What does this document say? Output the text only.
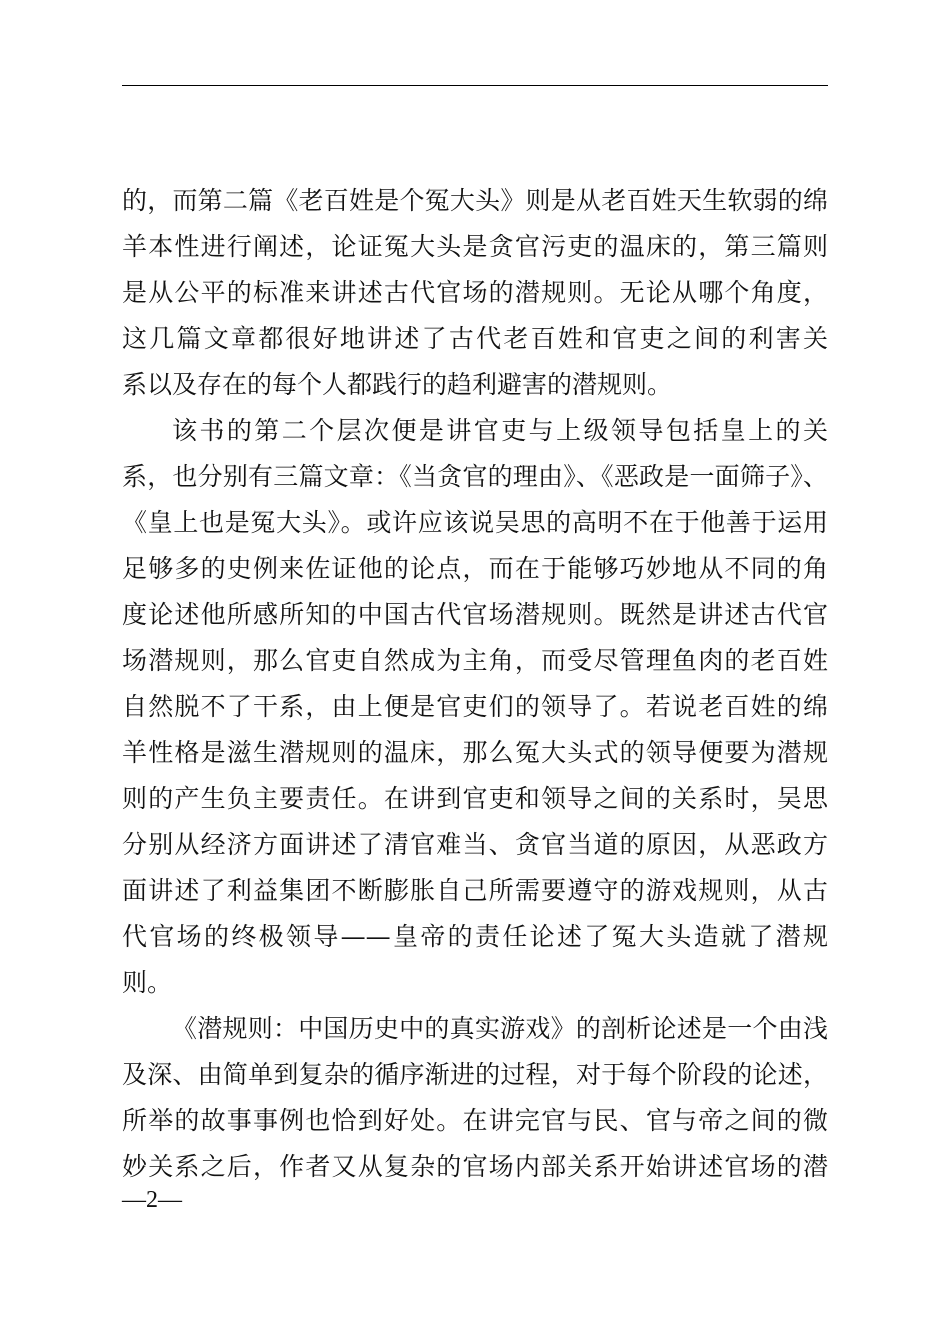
的，而第二篇《老百姓是个冤大头》则是从老百姓天生软弱的绵
羊本性进行阐述，论证冤大头是贪官污吏的温床的，第三篇则
是从公平的标准来讲述古代官场的潜规则。无论从哪个角度，
这几篇文章都很好地讲述了古代老百姓和官吏之间的利害关
系以及存在的每个人都践行的趋利避害的潜规则。
该书的第二个层次便是讲官吏与上级领导包括皇上的关
系，也分别有三篇文章：《当贪官的理由》、《恶政是一面筛子》、
《皇上也是冤大头》。或许应该说吴思的高明不在于他善于运用
足够多的史例来佐证他的论点，而在于能够巧妙地从不同的角
度论述他所感所知的中国古代官场潜规则。既然是讲述古代官
场潜规则，那么官吏自然成为主角，而受尽管理鱼肉的老百姓
自然脱不了干系，由上便是官吏们的领导了。若说老百姓的绵
羊性格是滋生潜规则的温床，那么冤大头式的领导便要为潜规
则的产生负主要责任。在讲到官吏和领导之间的关系时，吴思
分别从经济方面讲述了清官难当、贪官当道的原因，从恶政方
面讲述了利益集团不断膨胀自己所需要遵守的游戏规则，从古
代官场的终极领导——皇帝的责任论述了冤大头造就了潜规
则。
《潜规则：中国历史中的真实游戏》的剖析论述是一个由浅
及深、由简单到复杂的循序渐进的过程，对于每个阶段的论述，
所举的故事事例也恰到好处。在讲完官与民、官与帝之间的微
妙关系之后，作者又从复杂的官场内部关系开始讲述官场的潜
—2—
